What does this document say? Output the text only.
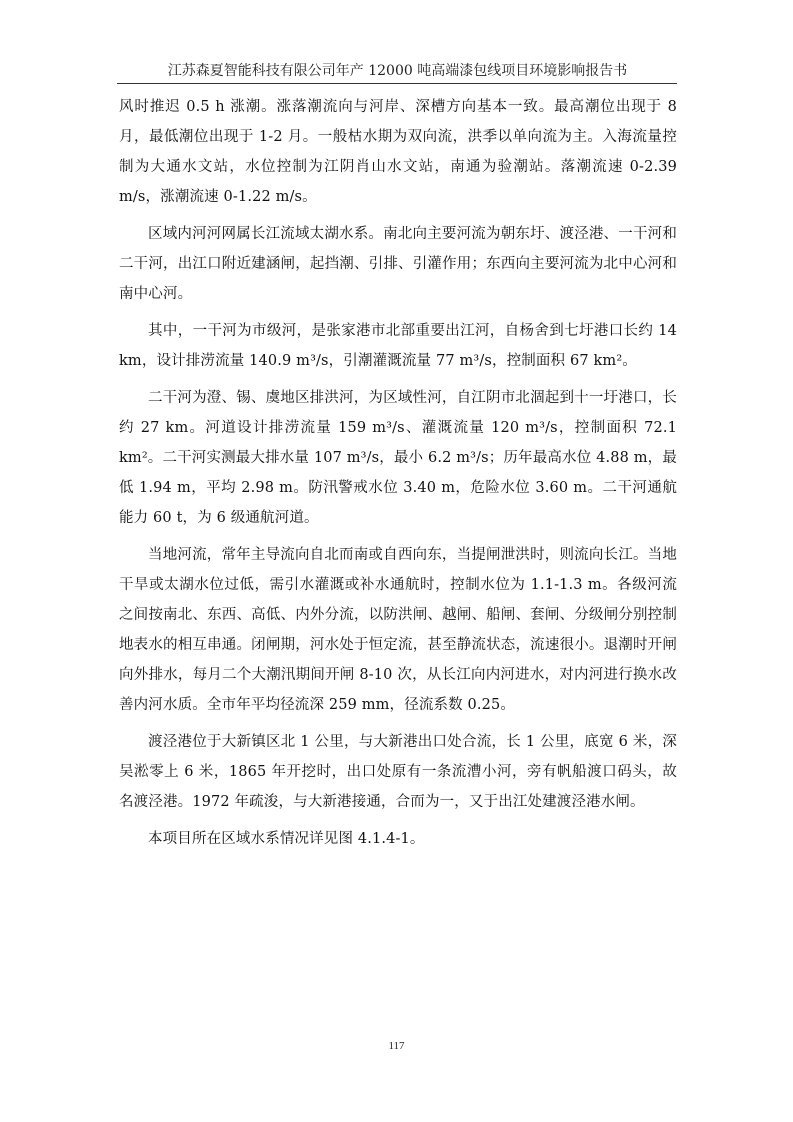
江苏森夏智能科技有限公司年产 12000 吨高端漆包线项目环境影响报告书

风时推迟 0.5 h 涨潮。涨落潮流向与河岸、深槽方向基本一致。最高潮位出现于 8 月，最低潮位出现于 1-2 月。一般枯水期为双向流，洪季以单向流为主。入海流量控制为大通水文站，水位控制为江阴肖山水文站，南通为验潮站。落潮流速 0-2.39 m/s，涨潮流速 0-1.22 m/s。

区域内河河网属长江流域太湖水系。南北向主要河流为朝东圩、渡泾港、一干河和二干河，出江口附近建涵闸，起挡潮、引排、引灌作用；东西向主要河流为北中心河和南中心河。

其中，一干河为市级河，是张家港市北部重要出江河，自杨舍到七圩港口长约 14 km，设计排涝流量 140.9 m³/s，引潮灌溉流量 77 m³/s，控制面积 67 km²。

二干河为澄、锡、虞地区排洪河，为区域性河，自江阴市北涸起到十一圩港口，长约 27 km。河道设计排涝流量 159 m³/s、灌溉流量 120 m³/s，控制面积 72.1 km²。二干河实测最大排水量 107 m³/s，最小 6.2 m³/s；历年最高水位 4.88 m，最低 1.94 m，平均 2.98 m。防汛警戒水位 3.40 m，危险水位 3.60 m。二干河通航能力 60 t，为 6 级通航河道。

当地河流，常年主导流向自北而南或自西向东，当提闸泄洪时，则流向长江。当地干旱或太湖水位过低，需引水灌溉或补水通航时，控制水位为 1.1-1.3 m。各级河流之间按南北、东西、高低、内外分流，以防洪闸、越闸、船闸、套闸、分级闸分别控制地表水的相互串通。闭闸期，河水处于恒定流，甚至静流状态，流速很小。退潮时开闸向外排水，每月二个大潮汛期间开闸 8-10 次，从长江向内河进水，对内河进行换水改善内河水质。全市年平均径流深 259 mm，径流系数 0.25。

渡泾港位于大新镇区北 1 公里，与大新港出口处合流，长 1 公里，底宽 6 米，深吴淞零上 6 米，1865 年开挖时，出口处原有一条流漕小河，旁有帆船渡口码头，故名渡泾港。1972 年疏浚，与大新港接通，合而为一，又于出江处建渡泾港水闸。

本项目所在区域水系情况详见图 4.1.4-1。

117
